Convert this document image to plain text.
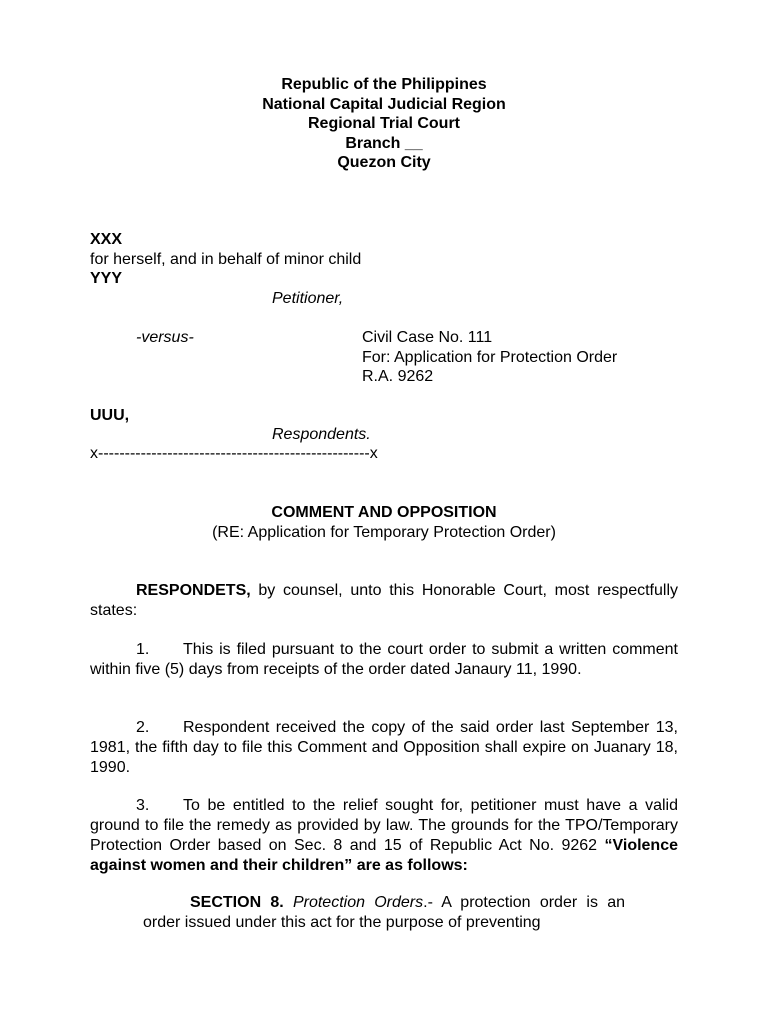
Republic of the Philippines
National Capital Judicial Region
Regional Trial Court
Branch __
Quezon City
XXX
for herself, and in behalf of minor child
YYY
Petitioner,
-versus-	Civil Case No. 111
For: Application for Protection Order
R.A. 9262
UUU,
Respondents.
x---------------------------------------------------x
COMMENT AND OPPOSITION
(RE: Application for Temporary Protection Order)
RESPONDETS, by counsel, unto this Honorable Court, most respectfully states:
1. This is filed pursuant to the court order to submit a written comment within five (5) days from receipts of the order dated Janaury 11, 1990.
2. Respondent received the copy of the said order last September 13, 1981, the fifth day to file this Comment and Opposition shall expire on Juanary 18, 1990.
3. To be entitled to the relief sought for, petitioner must have a valid ground to file the remedy as provided by law. The grounds for the TPO/Temporary Protection Order based on Sec. 8 and 15 of Republic Act No. 9262 “Violence against women and their children” are as follows:
SECTION 8. Protection Orders.- A protection order is an order issued under this act for the purpose of preventing
